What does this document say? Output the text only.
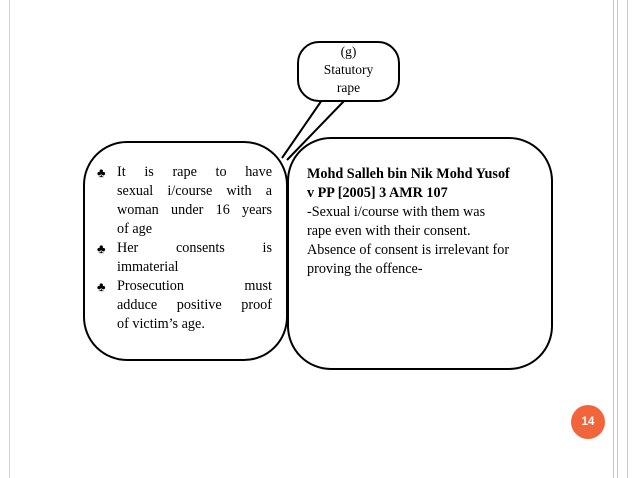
(g)
Statutory
rape
♣ It is rape to have
sexual i/course with a
woman under 16 years
of age
♣ Her consents is
immaterial
♣ Prosecution must
adduce positive proof
of victim’s age.
Mohd Salleh bin Nik Mohd Yusof
v PP [2005] 3 AMR 107
-Sexual i/course with them was
rape even with their consent.
Absence of consent is irrelevant for
proving the offence-
14
